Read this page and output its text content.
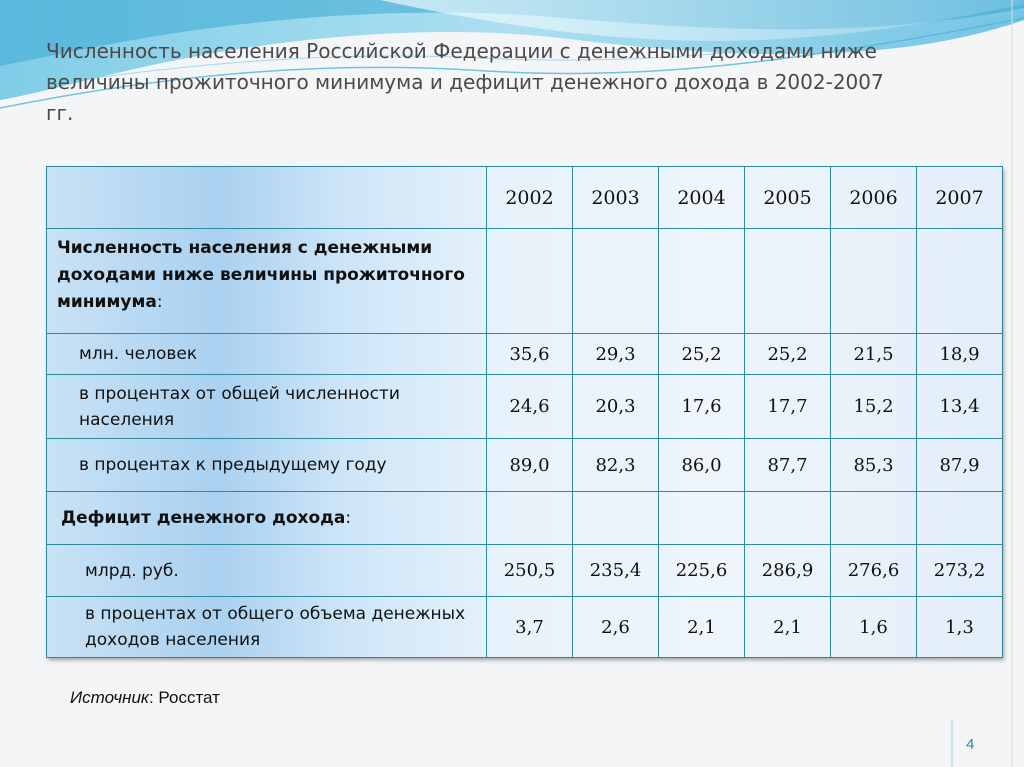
Численность населения Российской Федерации с денежными доходами ниже величины прожиточного минимума и дефицит денежного дохода в 2002-2007 гг.
	2002	2003	2004	2005	2006	2007
Численность населения с денежными доходами ниже величины прожиточного минимума:						
млн. человек	35,6	29,3	25,2	25,2	21,5	18,9
в процентах от общей численности населения	24,6	20,3	17,6	17,7	15,2	13,4
в процентах к предыдущему году	89,0	82,3	86,0	87,7	85,3	87,9
Дефицит денежного дохода:						
млрд. руб.	250,5	235,4	225,6	286,9	276,6	273,2
в процентах от общего объема денежных доходов населения	3,7	2,6	2,1	2,1	1,6	1,3
Источник: Росстат
4
